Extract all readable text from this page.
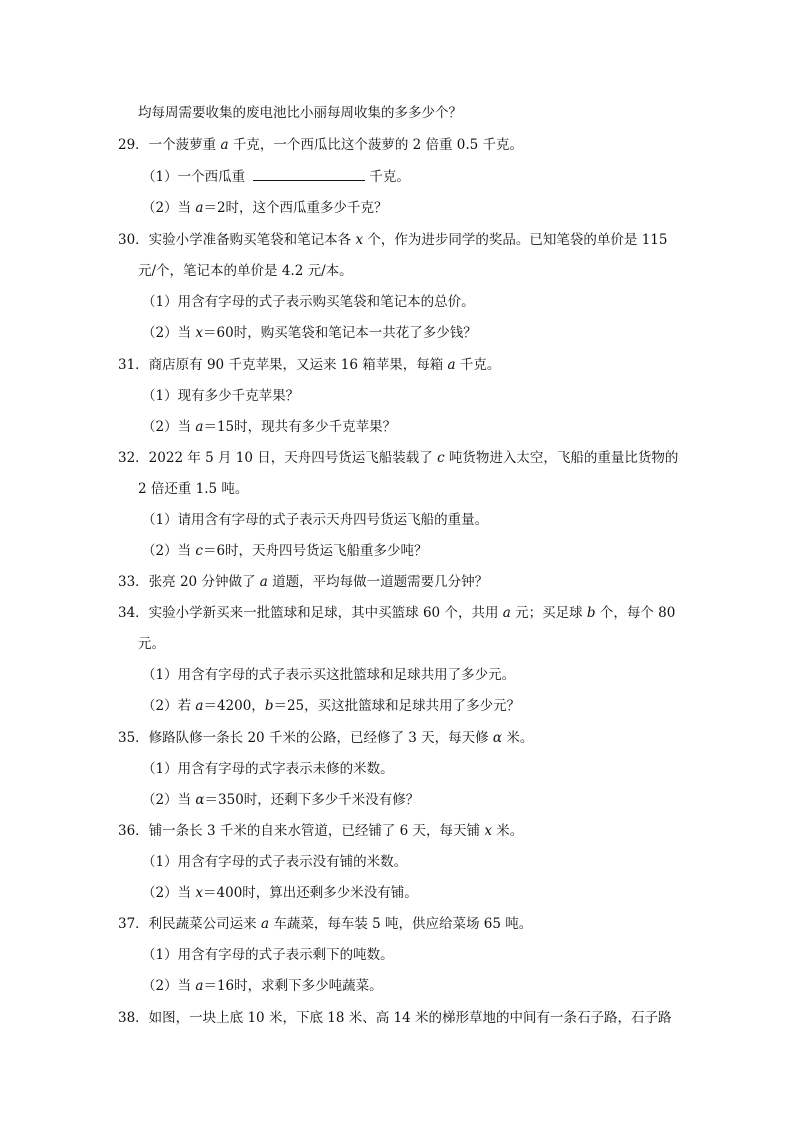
均每周需要收集的废电池比小丽每周收集的多多少个？
29．一个菠萝重 a 千克，一个西瓜比这个菠萝的 2 倍重 0.5 千克。
（1）一个西瓜重	千克。
（2）当 a＝2时，这个西瓜重多少千克？
30．实验小学准备购买笔袋和笔记本各 x 个，作为进步同学的奖品。已知笔袋的单价是 115
元/个，笔记本的单价是 4.2 元/本。
（1）用含有字母的式子表示购买笔袋和笔记本的总价。
（2）当 x＝60时，购买笔袋和笔记本一共花了多少钱？
31．商店原有 90 千克苹果，又运来 16 箱苹果，每箱 a 千克。
（1）现有多少千克苹果？
（2）当 a＝15时，现共有多少千克苹果？
32．2022 年 5 月 10 日，天舟四号货运飞船装载了 c 吨货物进入太空，飞船的重量比货物的
2 倍还重 1.5 吨。
（1）请用含有字母的式子表示天舟四号货运飞船的重量。
（2）当 c＝6时，天舟四号货运飞船重多少吨？
33．张亮 20 分钟做了 a 道题，平均每做一道题需要几分钟？
34．实验小学新买来一批篮球和足球，其中买篮球 60 个，共用 a 元；买足球 b 个，每个 80
元。
（1）用含有字母的式子表示买这批篮球和足球共用了多少元。
（2）若 a＝4200，b＝25，买这批篮球和足球共用了多少元？
35．修路队修一条长 20 千米的公路，已经修了 3 天，每天修 α 米。
（1）用含有字母的式字表示未修的米数。
（2）当 α＝350时，还剩下多少千米没有修？
36．铺一条长 3 千米的自来水管道，已经铺了 6 天，每天铺 x 米。
（1）用含有字母的式子表示没有铺的米数。
（2）当 x＝400时，算出还剩多少米没有铺。
37．利民蔬菜公司运来 a 车蔬菜，每车装 5 吨，供应给菜场 65 吨。
（1）用含有字母的式子表示剩下的吨数。
（2）当 a＝16时，求剩下多少吨蔬菜。
38．如图，一块上底 10 米，下底 18 米、高 14 米的梯形草地的中间有一条石子路，石子路
